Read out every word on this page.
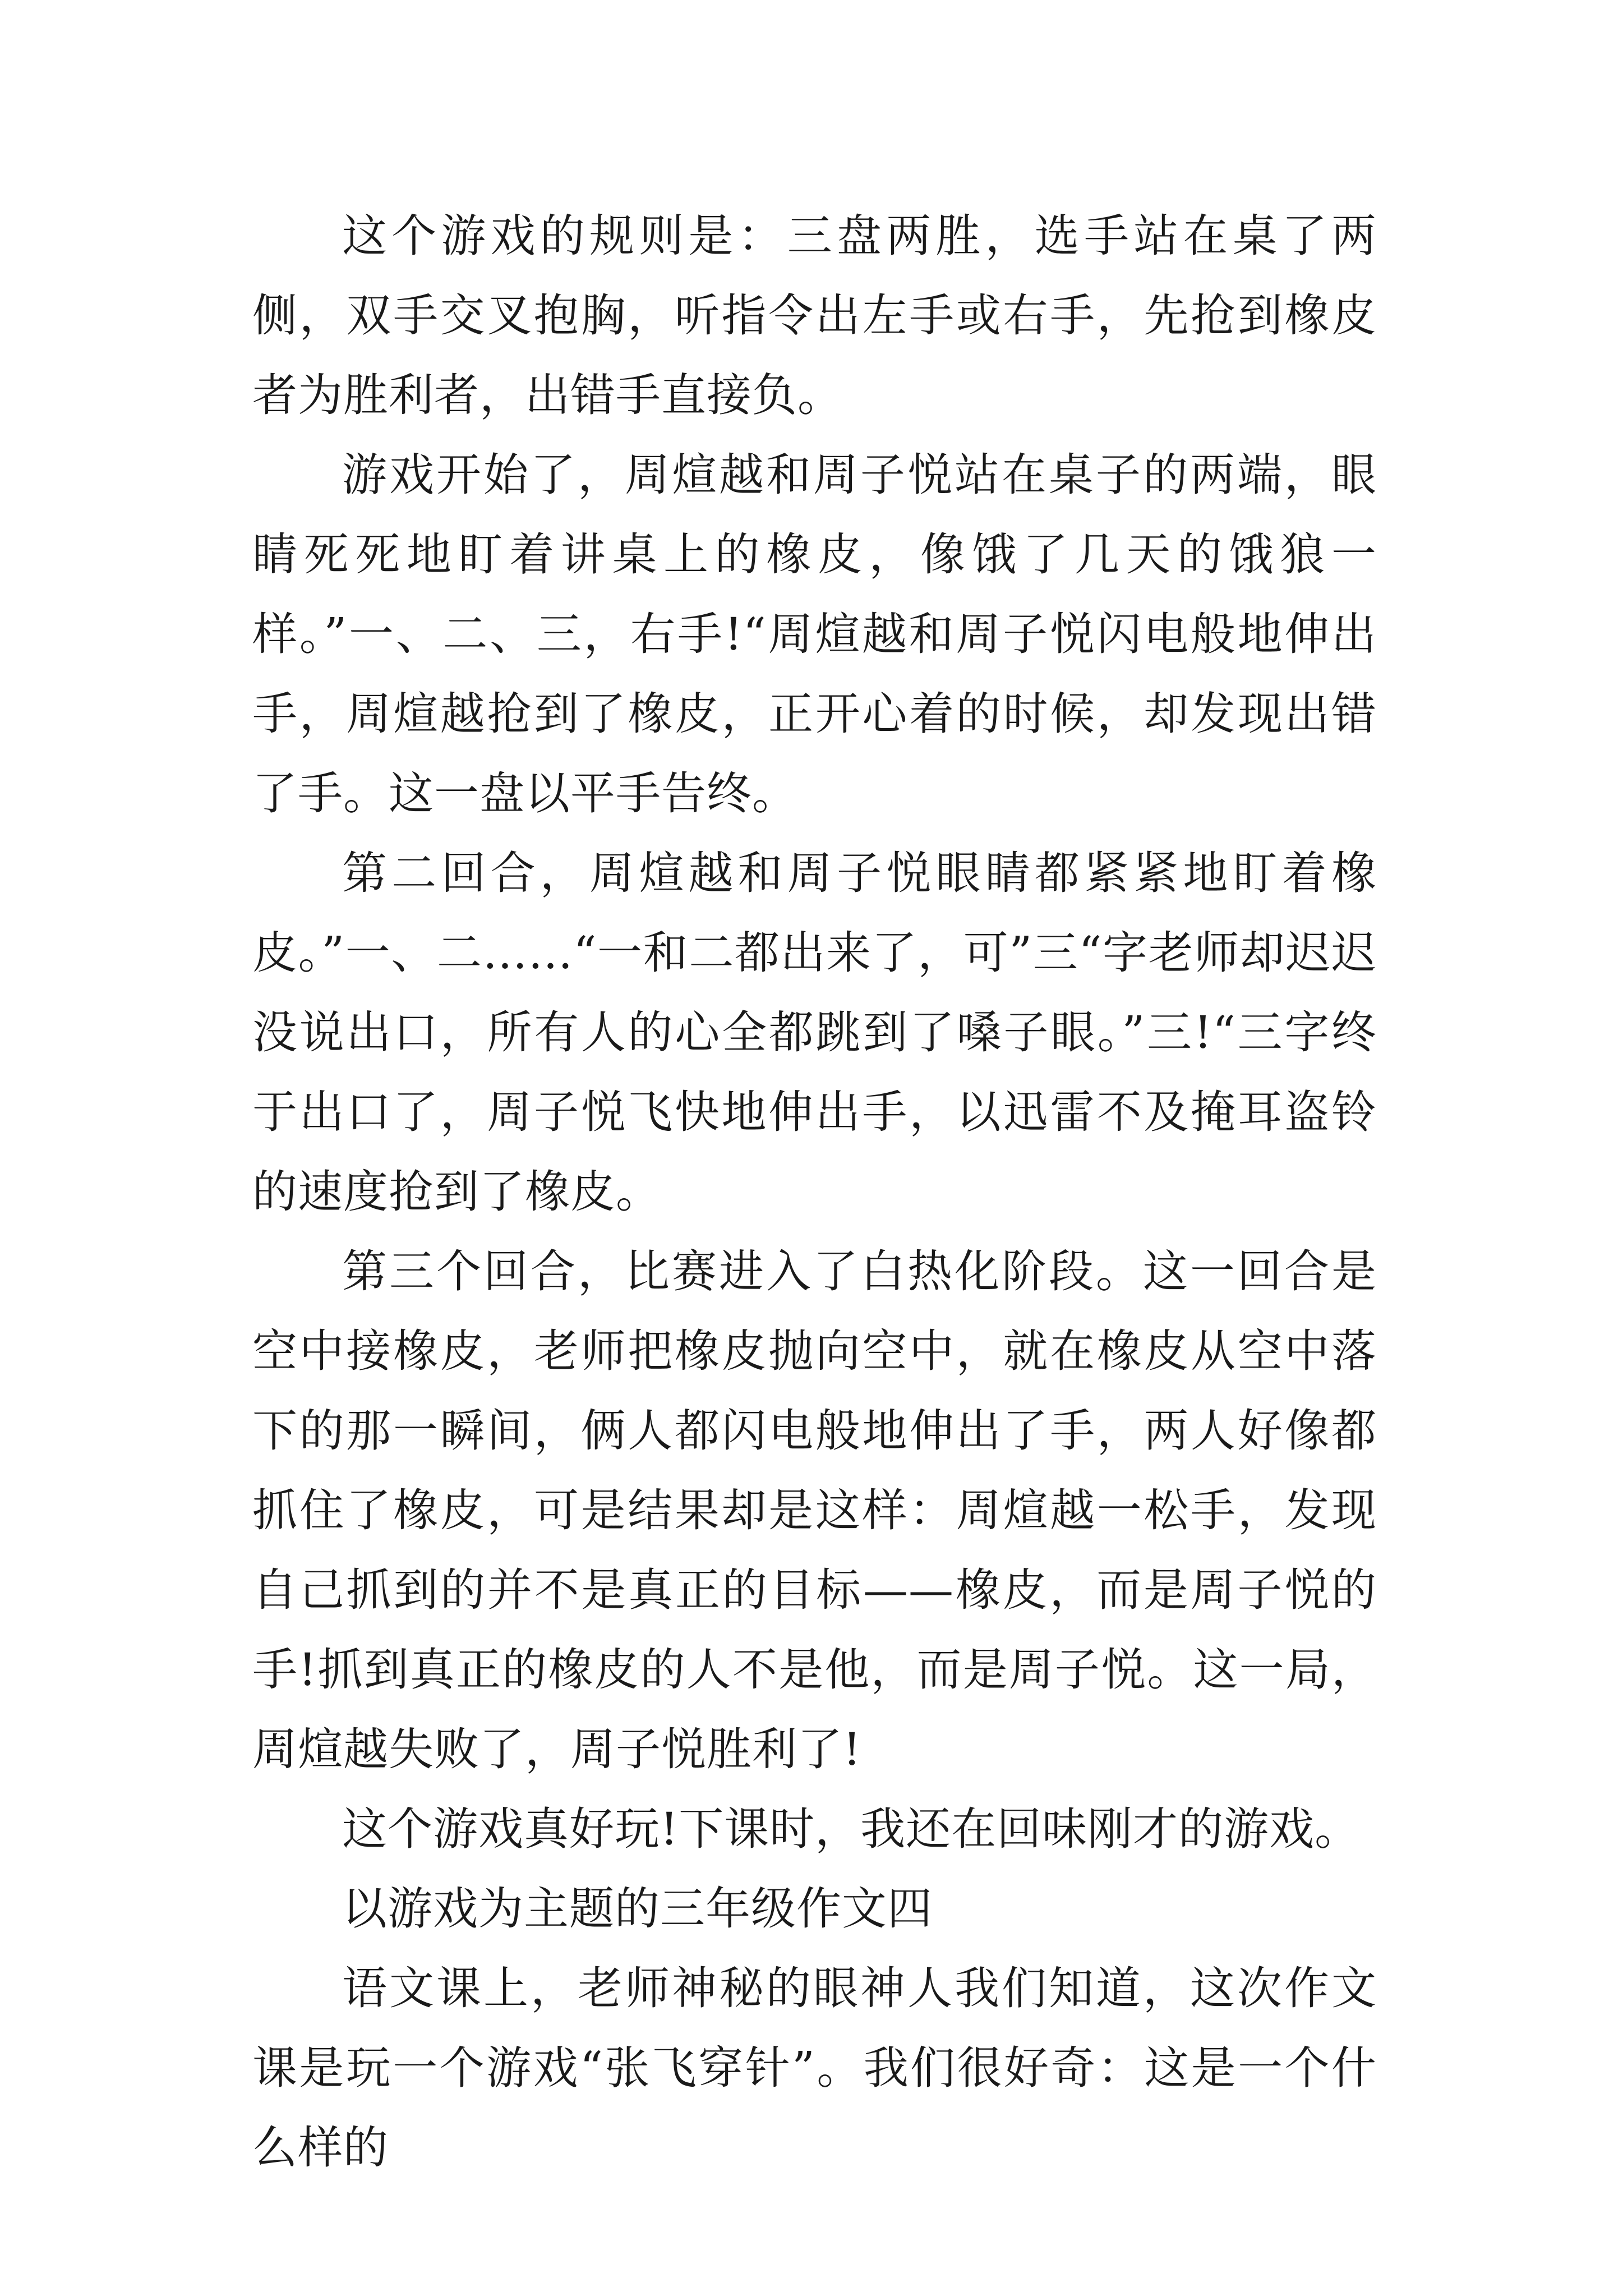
这个游戏的规则是：三盘两胜，选手站在桌了两侧，双手交叉抱胸，听指令出左手或右手，先抢到橡皮者为胜利者，出错手直接负。

游戏开始了，周煊越和周子悦站在桌子的两端，眼睛死死地盯着讲桌上的橡皮，像饿了几天的饿狼一样。”一、二、三，右手!“周煊越和周子悦闪电般地伸出手，周煊越抢到了橡皮，正开心着的时候，却发现出错了手。这一盘以平手告终。

第二回合，周煊越和周子悦眼睛都紧紧地盯着橡皮。”一、二……“一和二都出来了，可”三“字老师却迟迟没说出口，所有人的心全都跳到了嗓子眼。”三!“三字终于出口了，周子悦飞快地伸出手，以迅雷不及掩耳盗铃的速度抢到了橡皮。

第三个回合，比赛进入了白热化阶段。这一回合是空中接橡皮，老师把橡皮抛向空中，就在橡皮从空中落下的那一瞬间，俩人都闪电般地伸出了手，两人好像都抓住了橡皮，可是结果却是这样：周煊越一松手，发现自己抓到的并不是真正的目标——橡皮，而是周子悦的手!抓到真正的橡皮的人不是他，而是周子悦。这一局，周煊越失败了，周子悦胜利了!

这个游戏真好玩!下课时，我还在回味刚才的游戏。

以游戏为主题的三年级作文四

语文课上，老师神秘的眼神人我们知道，这次作文课是玩一个游戏“张飞穿针”。我们很好奇：这是一个什么样的
